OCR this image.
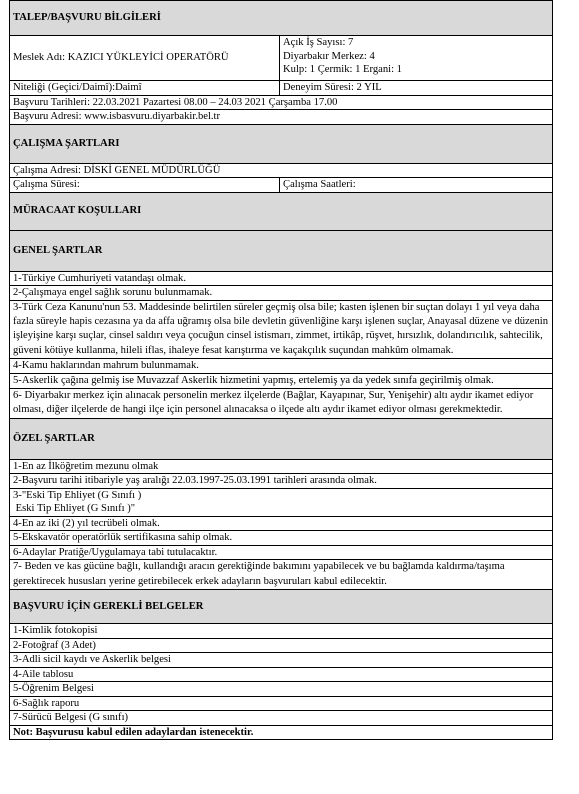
TALEP/BAŞVURU BİLGİLERİ	
Meslek Adı: KAZICI YÜKLEYİCİ OPERATÖRÜ	Açık İş Sayısı: 7
Diyarbakır Merkez: 4
Kulp: 1 Çermik: 1 Ergani: 1

Niteliği (Geçici/Daimî):Daimî	Deneyim Süresi: 2 YIL
Başvuru Tarihleri: 22.03.2021 Pazartesi 08.00 – 24.03 2021 Çarşamba 17.00	
Başvuru Adresi: www.isbasvuru.diyarbakir.bel.tr	
ÇALIŞMA ŞARTLARI	
Çalışma Adresi: DİSKİ GENEL MÜDÜRLÜĞÜ	
Çalışma Süresi:	Çalışma Saatleri:
MÜRACAAT KOŞULLARI	
GENEL ŞARTLAR	
1-Türkiye Cumhuriyeti vatandaşı olmak.	
2-Çalışmaya engel sağlık sorunu bulunmamak.	
3-Türk Ceza Kanunu'nun 53. Maddesinde belirtilen süreler geçmiş olsa bile; kasten işlenen bir suçtan dolayı 1 yıl veya daha fazla süreyle hapis cezasına ya da affa uğramış olsa bile devletin güvenliğine karşı işlenen suçlar, Anayasal düzene ve düzenin işleyişine karşı suçlar, cinsel saldırı veya çocuğun cinsel istismarı, zimmet, irtikâp, rüşvet, hırsızlık, dolandırıcılık, sahtecilik, güveni kötüye kullanma, hileli iflas, ihaleye fesat karıştırma ve kaçakçılık suçundan mahkûm olmamak.	
4-Kamu haklarından mahrum bulunmamak.	
5-Askerlik çağına gelmiş ise Muvazzaf Askerlik hizmetini yapmış, ertelemiş ya da yedek sınıfa geçirilmiş olmak.	
6- Diyarbakır merkez için alınacak personelin merkez ilçelerde (Bağlar, Kayapınar, Sur, Yenişehir) altı aydır ikamet ediyor olması, diğer ilçelerde de hangi ilçe için personel alınacaksa o ilçede altı aydır ikamet ediyor olması gerekmektedir.	
ÖZEL ŞARTLAR	
1-En az İlköğretim mezunu olmak	
2-Başvuru tarihi itibariyle yaş aralığı 22.03.1997-25.03.1991 tarihleri arasında olmak.	

3-"Eski Tip Ehliyet (G Sınıfı )
Eski Tip Ehliyet (G Sınıfı )"	

4-En az iki (2) yıl tecrübeli olmak.	
5-Ekskavatör operatörlük sertifikasına sahip olmak.	
6-Adaylar Pratiğe/Uygulamaya tabi tutulacaktır.	
7- Beden ve kas gücüne bağlı, kullandığı aracın gerektiğinde bakımını yapabilecek ve bu bağlamda kaldırma/taşıma gerektirecek hususları yerine getirebilecek erkek adayların başvuruları kabul edilecektir.	
BAŞVURU İÇİN GEREKLİ BELGELER	
1-Kimlik fotokopisi	
2-Fotoğraf (3 Adet)	
3-Adli sicil kaydı ve Askerlik belgesi	
4-Aile tablosu	
5-Öğrenim Belgesi	
6-Sağlık raporu	
7-Sürücü Belgesi (G sınıfı)	
Not: Başvurusu kabul edilen adaylardan istenecektir.	
